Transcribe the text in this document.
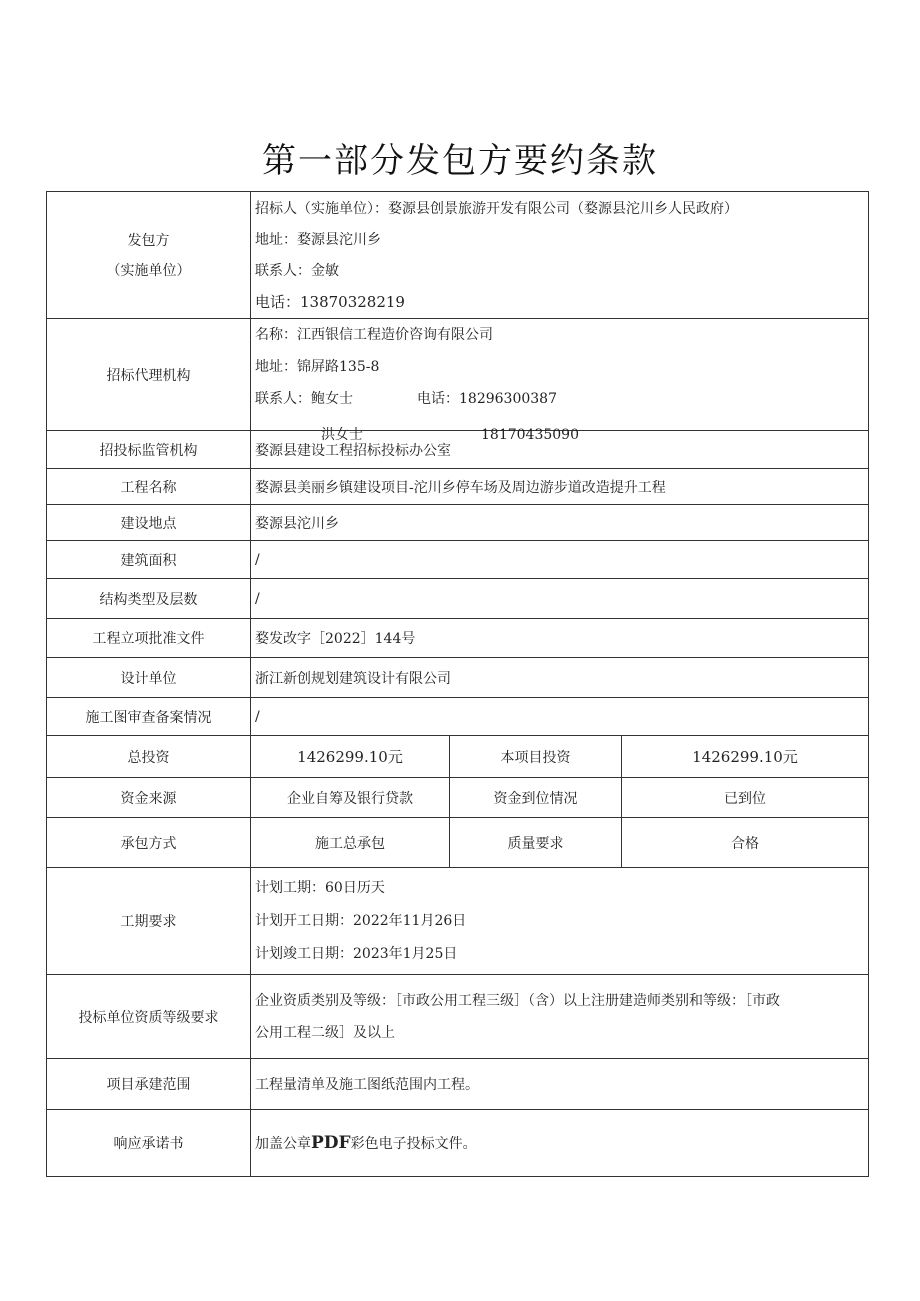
第一部分发包方要约条款
发包方
（实施单位）	招标人（实施单位）：婺源县创景旅游开发有限公司（婺源县沱川乡人民政府）
地址：婺源县沱川乡
联系人：金敏
电话：13870328219		

招标代理机构	名称：江西银信工程造价咨询有限公司
地址：锦屏路135-8
联系人：鲍女士 电话：18296300387
洪女士 18170435090		

招投标监管机构	婺源县建设工程招标投标办公室		
工程名称	婺源县美丽乡镇建设项目-沱川乡停车场及周边游步道改造提升工程		
建设地点	婺源县沱川乡		
建筑面积	/		
结构类型及层数	/		
工程立项批准文件	婺发改字［2022］144号		
设计单位	浙江新创规划建筑设计有限公司		
施工图审查备案情况	/		
总投资	1426299.10元	本项目投资	1426299.10元
资金来源	企业自筹及银行贷款	资金到位情况	已到位
承包方式	施工总承包	质量要求	合格
工期要求	计划工期：60日历天
计划开工日期：2022年11月26日
计划竣工日期：2023年1月25日		

投标单位资质等级要求	企业资质类别及等级：［市政公用工程三级］（含）以上注册建造师类别和等级：［市政
公用工程二级］及以上		

项目承建范围	工程量清单及施工图纸范围内工程。		
响应承诺书	加盖公章PDF彩色电子投标文件。		
